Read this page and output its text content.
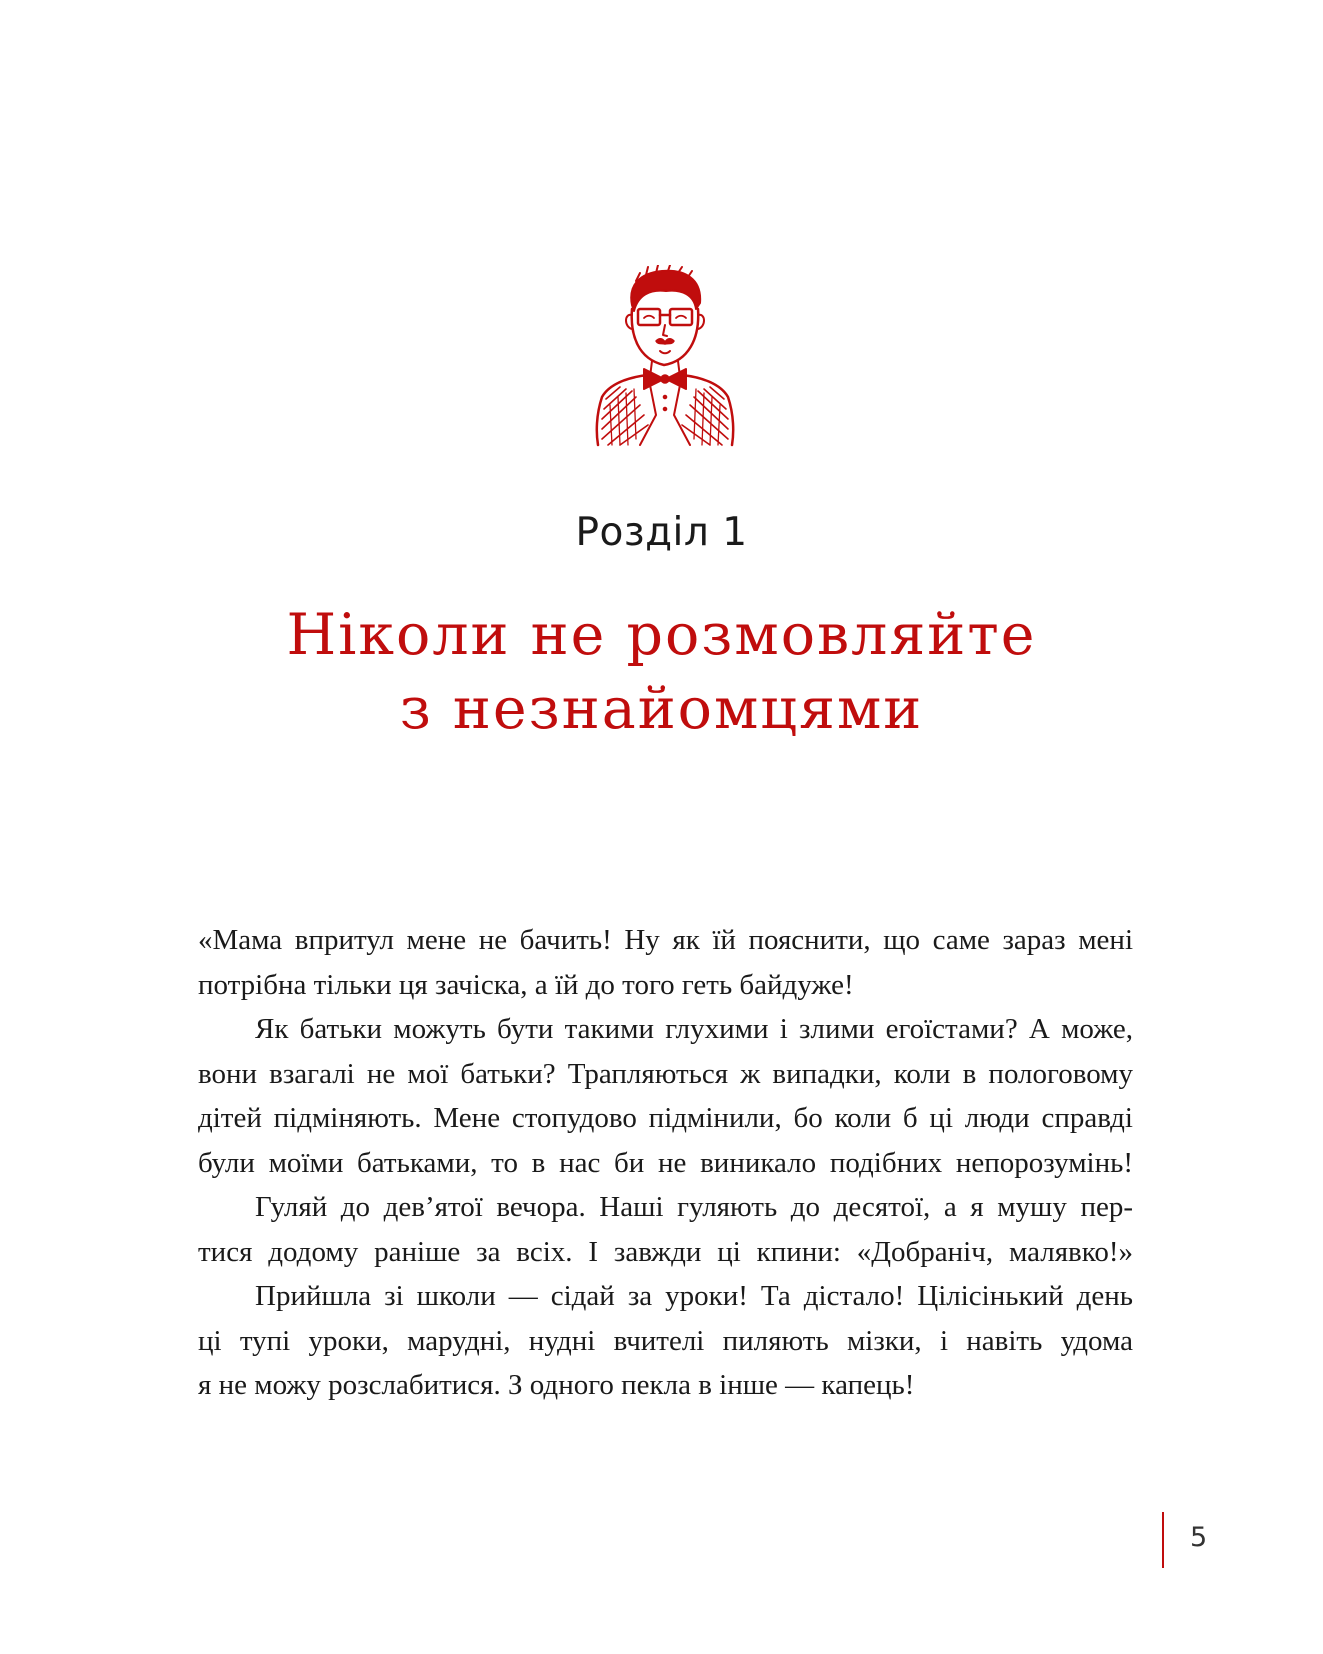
Розділ 1
Ніколи не розмовляйте
з незнайомцями
«Мама впритул мене не бачить! Ну як їй пояснити, що саме зараз мені
потрібна тільки ця зачіска, а їй до того геть байдуже!
Як батьки можуть бути такими глухими і злими егоїстами? А може,
вони взагалі не мої батьки? Трапляються ж випадки, коли в пологовому
дітей підміняють. Мене стопудово підмінили, бо коли б ці люди справді
були моїми батьками, то в нас би не виникало подібних непорозумінь!
Гуляй до дев’ятої вечора. Наші гуляють до десятої, а я мушу пер-
тися додому раніше за всіх. І завжди ці кпини: «Добраніч, малявко!»
Прийшла зі школи — сідай за уроки! Та дістало! Цілісінький день
ці тупі уроки, марудні, нудні вчителі пиляють мізки, і навіть удома
я не можу розслабитися. З одного пекла в інше — капець!
5
